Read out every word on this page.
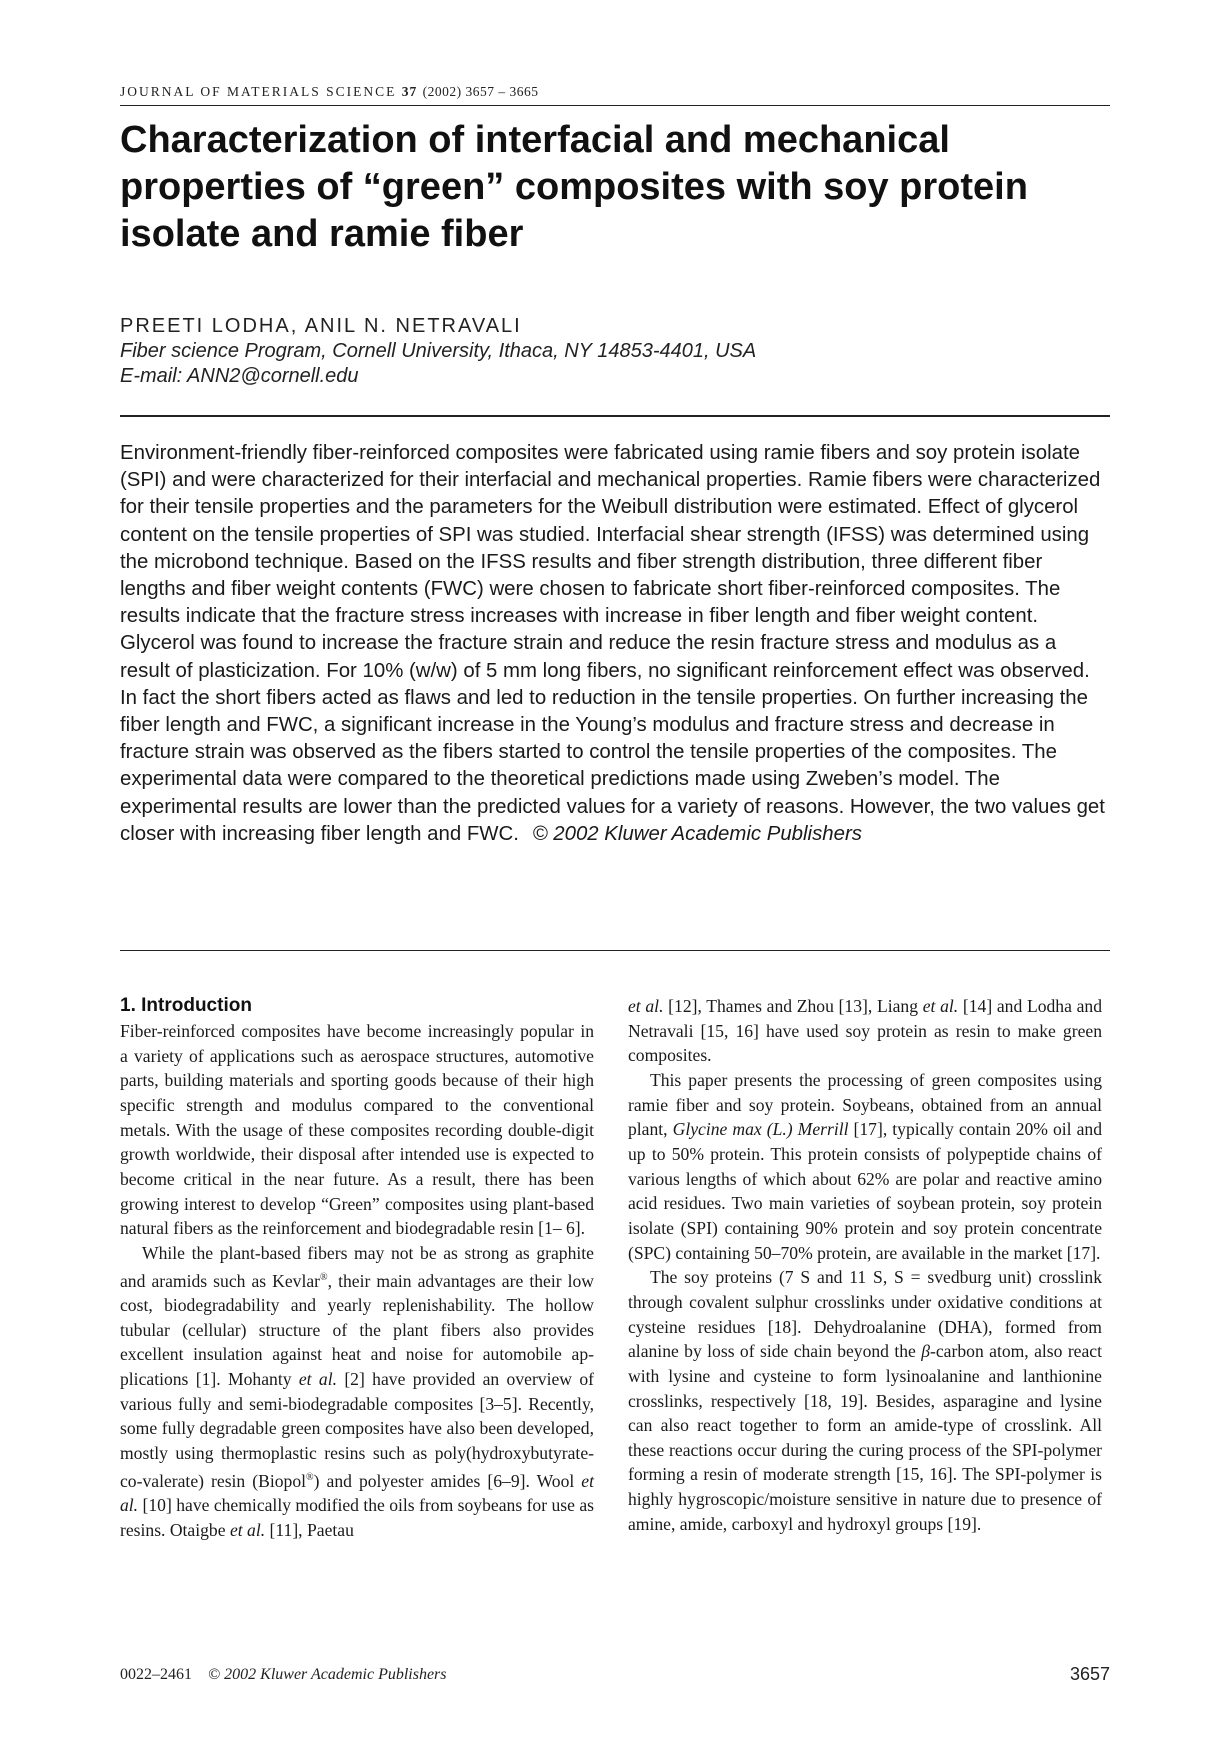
JOURNAL OF MATERIALS SCIENCE 37 (2002) 3657 – 3665
Characterization of interfacial and mechanical properties of “green” composites with soy protein isolate and ramie fiber
PREETI LODHA, ANIL N. NETRAVALI
Fiber science Program, Cornell University, Ithaca, NY 14853-4401, USA
E-mail: ANN2@cornell.edu

Environment-friendly fiber-reinforced composites were fabricated using ramie fibers and soy protein isolate (SPI) and were characterized for their interfacial and mechanical properties. Ramie fibers were characterized for their tensile properties and the parameters for the Weibull distribution were estimated. Effect of glycerol content on the tensile properties of SPI was studied. Interfacial shear strength (IFSS) was determined using the microbond technique. Based on the IFSS results and fiber strength distribution, three different fiber lengths and fiber weight contents (FWC) were chosen to fabricate short fiber-reinforced composites. The results indicate that the fracture stress increases with increase in fiber length and fiber weight content. Glycerol was found to increase the fracture strain and reduce the resin fracture stress and modulus as a result of plasticization. For 10% (w/w) of 5 mm long fibers, no significant reinforcement effect was observed. In fact the short fibers acted as flaws and led to reduction in the tensile properties. On further increasing the fiber length and FWC, a significant increase in the Young’s modulus and fracture stress and decrease in fracture strain was observed as the fibers started to control the tensile properties of the composites. The experimental data were compared to the theoretical predictions made using Zweben’s model. The experimental results are lower than the predicted values for a variety of reasons. However, the two values get closer with increasing fiber length and FWC. © 2002 Kluwer Academic Publishers

1. Introduction

Fiber-reinforced composites have become increasingly popular in a variety of applications such as aerospace structures, automotive parts, building materials and sporting goods because of their high specific strength and modulus compared to the conventional metals. With the usage of these composites recording double-digit growth worldwide, their disposal after intended use is expected to become critical in the near future. As a result, there has been growing interest to develop “Green” composites using plant-based natural fibers as the reinforcement and biodegradable resin [1– 6].

While the plant-based fibers may not be as strong as graphite and aramids such as Kevlar®, their main advantages are their low cost, biodegradability and yearly replenishability. The hollow tubular (cellular) structure of the plant fibers also provides excellent insulation against heat and noise for automobile applications [1]. Mohanty et al. [2] have provided an overview of various fully and semi-biodegradable composites [3–5]. Recently, some fully degradable green composites have also been developed, mostly using thermoplastic resins such as poly(hydroxybutyrate-co-valerate) resin (Biopol®) and polyester amides [6–9]. Wool et al. [10] have chemically modified the oils from soybeans for use as resins. Otaigbe et al. [11], Paetau

et al. [12], Thames and Zhou [13], Liang et al. [14] and Lodha and Netravali [15, 16] have used soy protein as resin to make green composites.

This paper presents the processing of green composites using ramie fiber and soy protein. Soybeans, obtained from an annual plant, Glycine max (L.) Merrill [17], typically contain 20% oil and up to 50% protein. This protein consists of polypeptide chains of various lengths of which about 62% are polar and reactive amino acid residues. Two main varieties of soybean protein, soy protein isolate (SPI) containing 90% protein and soy protein concentrate (SPC) containing 50–70% protein, are available in the market [17].

The soy proteins (7 S and 11 S, S = svedburg unit) crosslink through covalent sulphur crosslinks under oxidative conditions at cysteine residues [18]. Dehydroalanine (DHA), formed from alanine by loss of side chain beyond the β-carbon atom, also react with lysine and cysteine to form lysinoalanine and lanthionine crosslinks, respectively [18, 19]. Besides, asparagine and lysine can also react together to form an amide-type of crosslink. All these reactions occur during the curing process of the SPI-polymer forming a resin of moderate strength [15, 16]. The SPI-polymer is highly hygroscopic/moisture sensitive in nature due to presence of amine, amide, carboxyl and hydroxyl groups [19].

0022–2461 © 2002 Kluwer Academic Publishers	3657
